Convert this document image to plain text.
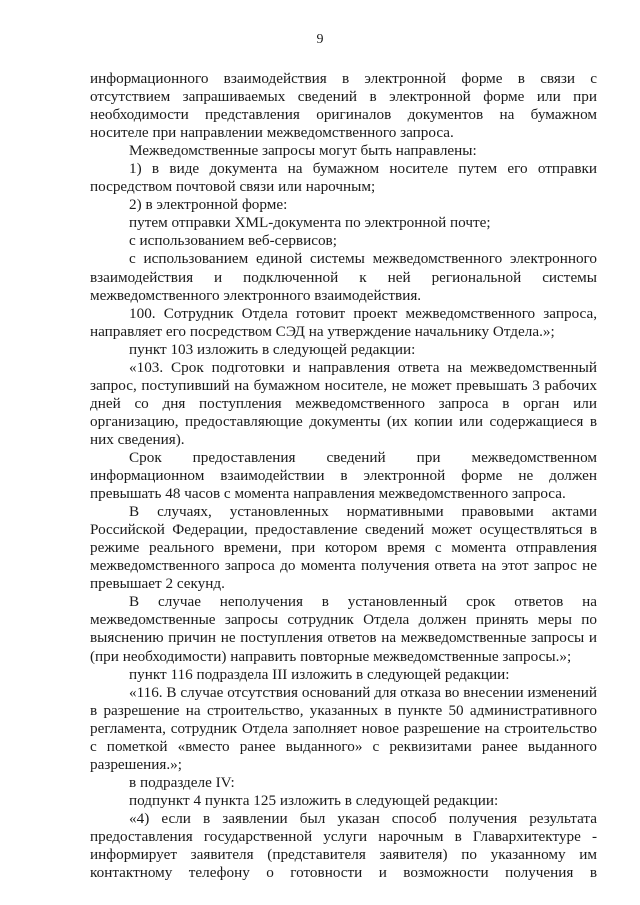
9
информационного взаимодействия в электронной форме в связи с
отсутствием запрашиваемых сведений в электронной форме или при
необходимости представления оригиналов документов на бумажном
носителе при направлении межведомственного запроса.
Межведомственные запросы могут быть направлены:
1) в виде документа на бумажном носителе путем его отправки
посредством почтовой связи или нарочным;
2) в электронной форме:
путем отправки XML-документа по электронной почте;
с использованием веб-сервисов;
с использованием единой системы межведомственного электронного
взаимодействия и подключенной к ней региональной системы
межведомственного электронного взаимодействия.
100. Сотрудник Отдела готовит проект межведомственного запроса,
направляет его посредством СЭД на утверждение начальнику Отдела.»;
пункт 103 изложить в следующей редакции:
«103. Срок подготовки и направления ответа на межведомственный
запрос, поступивший на бумажном носителе, не может превышать 3 рабочих
дней со дня поступления межведомственного запроса в орган или
организацию, предоставляющие документы (их копии или содержащиеся в
них сведения).
Срок предоставления сведений при межведомственном
информационном взаимодействии в электронной форме не должен
превышать 48 часов с момента направления межведомственного запроса.
В случаях, установленных нормативными правовыми актами
Российской Федерации, предоставление сведений может осуществляться в
режиме реального времени, при котором время с момента отправления
межведомственного запроса до момента получения ответа на этот запрос не
превышает 2 секунд.
В случае неполучения в установленный срок ответов на
межведомственные запросы сотрудник Отдела должен принять меры по
выяснению причин не поступления ответов на межведомственные запросы и
(при необходимости) направить повторные межведомственные запросы.»;
пункт 116 подраздела III изложить в следующей редакции:
«116. В случае отсутствия оснований для отказа во внесении изменений
в разрешение на строительство, указанных в пункте 50 административного
регламента, сотрудник Отдела заполняет новое разрешение на строительство
с пометкой «вместо ранее выданного» с реквизитами ранее выданного
разрешения.»;
в подразделе IV:
подпункт 4 пункта 125 изложить в следующей редакции:
«4) если в заявлении был указан способ получения результата
предоставления государственной услуги нарочным в Главархитектуре -
информирует заявителя (представителя заявителя) по указанному им
контактному телефону о готовности и возможности получения в
